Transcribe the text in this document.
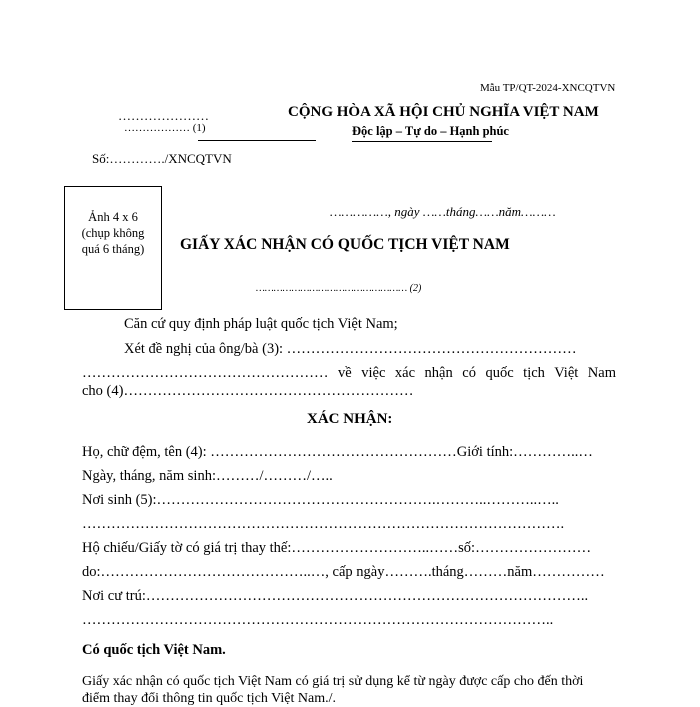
Mẫu TP/QT-2024-XNCQTVN
…………………
……………… (1)
CỘNG HÒA XÃ HỘI CHỦ NGHĨA VIỆT NAM
Độc lập – Tự do – Hạnh phúc
Số:…………./XNCQTVN
Ảnh 4 x 6
(chụp không
quá 6 tháng)
……………, ngày ……tháng……năm………
GIẤY XÁC NHẬN CÓ QUỐC TỊCH VIỆT NAM
…………………………………………… (2)
Căn cứ quy định pháp luật quốc tịch Việt Nam;
Xét đề nghị của ông/bà (3): ……………………………………………………
…………………………………………… về việc xác nhận có quốc tịch Việt Nam
cho (4)……………………………………………………
XÁC NHẬN:
Họ, chữ đệm, tên (4): ……………………………………………Giới tính:…………..…
Ngày, tháng, năm sinh:………/………/…..
Nơi sinh (5):………………………………………………….………..………..…..
……………………………………………………………………………………….
Hộ chiếu/Giấy tờ có giá trị thay thế:………………………..……số:……………………
do:……………………………………..…, cấp ngày……….tháng………năm……………
Nơi cư trú:………………………………………………………………………………..
……………………………………………………………………………………..
Có quốc tịch Việt Nam.
Giấy xác nhận có quốc tịch Việt Nam có giá trị sử dụng kể từ ngày được cấp cho đến thời
điểm thay đổi thông tin quốc tịch Việt Nam./.
